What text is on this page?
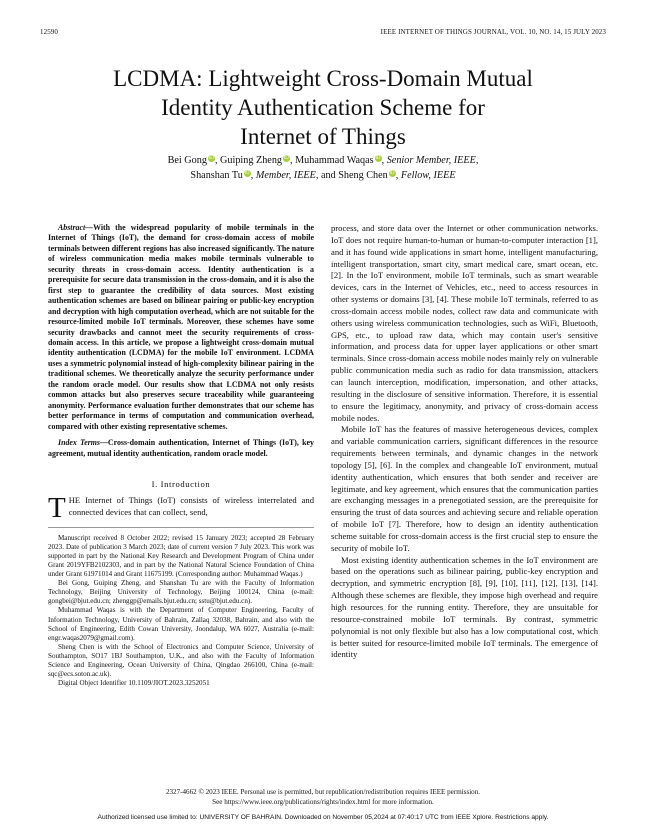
12590	IEEE INTERNET OF THINGS JOURNAL, VOL. 10, NO. 14, 15 JULY 2023
LCDMA: Lightweight Cross-Domain Mutual
Identity Authentication Scheme for
Internet of Things
Bei Gong iD, Guiping Zheng iD, Muhammad Waqas iD, Senior Member, IEEE,
Shanshan Tu iD, Member, IEEE, and Sheng Chen iD, Fellow, IEEE

Abstract—With the widespread popularity of mobile terminals in the Internet of Things (IoT), the demand for cross-domain access of mobile terminals between different regions has also increased significantly. The nature of wireless communication media makes mobile terminals vulnerable to security threats in cross-domain access. Identity authentication is a prerequisite for secure data transmission in the cross-domain, and it is also the first step to guarantee the credibility of data sources. Most existing authentication schemes are based on bilinear pairing or public-key encryption and decryption with high computation overhead, which are not suitable for the resource-limited mobile IoT terminals. Moreover, these schemes have some security drawbacks and cannot meet the security requirements of cross-domain access. In this article, we propose a lightweight cross-domain mutual identity authentication (LCDMA) for the mobile IoT environment. LCDMA uses a symmetric polynomial instead of high-complexity bilinear pairing in the traditional schemes. We theoretically analyze the security performance under the random oracle model. Our results show that LCDMA not only resists common attacks but also preserves secure traceability while guaranteeing anonymity. Performance evaluation further demonstrates that our scheme has better performance in terms of computation and communication overhead, compared with other existing representative schemes.

Index Terms—Cross-domain authentication, Internet of Things (IoT), key agreement, mutual identity authentication, random oracle model.

I. Introduction

THE Internet of Things (IoT) consists of wireless interrelated and connected devices that can collect, send,

Manuscript received 8 October 2022; revised 15 January 2023; accepted 28 February 2023. Date of publication 3 March 2023; date of current version 7 July 2023. This work was supported in part by the National Key Research and Development Program of China under Grant 2019YFB2102303, and in part by the National Natural Science Foundation of China under Grant 61971014 and Grant 11675199. (Corresponding author: Muhammad Waqas.)

Bei Gong, Guiping Zheng, and Shanshan Tu are with the Faculty of Information Technology, Beijing University of Technology, Beijing 100124, China (e-mail: gongbei@bjut.edu.cn; zhenggp@emails.bjut.edu.cn; sstu@bjut.edu.cn).

Muhammad Waqas is with the Department of Computer Engineering, Faculty of Information Technology, University of Bahrain, Zallaq 32038, Bahrain, and also with the School of Engineering, Edith Cowan University, Joondalup, WA 6027, Australia (e-mail: engr.waqas2079@gmail.com).

Sheng Chen is with the School of Electronics and Computer Science, University of Southampton, SO17 1BJ Southampton, U.K., and also with the Faculty of Information Science and Engineering, Ocean University of China, Qingdao 266100, China (e-mail: sqc@ecs.soton.ac.uk).

Digital Object Identifier 10.1109/JIOT.2023.3252051

process, and store data over the Internet or other communication networks. IoT does not require human-to-human or human-to-computer interaction [1], and it has found wide applications in smart home, intelligent manufacturing, intelligent transportation, smart city, smart medical care, smart ocean, etc. [2]. In the IoT environment, mobile IoT terminals, such as smart wearable devices, cars in the Internet of Vehicles, etc., need to access resources in other systems or domains [3], [4]. These mobile IoT terminals, referred to as cross-domain access mobile nodes, collect raw data and communicate with others using wireless communication technologies, such as WiFi, Bluetooth, GPS, etc., to upload raw data, which may contain user's sensitive information, and process data for upper layer applications or other smart terminals. Since cross-domain access mobile nodes mainly rely on vulnerable public communication media such as radio for data transmission, attackers can launch interception, modification, impersonation, and other attacks, resulting in the disclosure of sensitive information. Therefore, it is essential to ensure the legitimacy, anonymity, and privacy of cross-domain access mobile nodes.

Mobile IoT has the features of massive heterogeneous devices, complex and variable communication carriers, significant differences in the resource requirements between terminals, and dynamic changes in the network topology [5], [6]. In the complex and changeable IoT environment, mutual identity authentication, which ensures that both sender and receiver are legitimate, and key agreement, which ensures that the communication parties are exchanging messages in a prenegotiated session, are the prerequisite for ensuring the trust of data sources and achieving secure and reliable operation of mobile IoT [7]. Therefore, how to design an identity authentication scheme suitable for cross-domain access is the first crucial step to ensure the security of mobile IoT.

Most existing identity authentication schemes in the IoT environment are based on the operations such as bilinear pairing, public-key encryption and decryption, and symmetric encryption [8], [9], [10], [11], [12], [13], [14]. Although these schemes are flexible, they impose high overhead and require high resources for the running entity. Therefore, they are unsuitable for resource-constrained mobile IoT terminals. By contrast, symmetric polynomial is not only flexible but also has a low computational cost, which is better suited for resource-limited mobile IoT terminals. The emergence of identity

2327-4662 © 2023 IEEE. Personal use is permitted, but republication/redistribution requires IEEE permission.
See https://www.ieee.org/publications/rights/index.html for more information.
Authorized licensed use limited to: UNIVERSITY OF BAHRAIN. Downloaded on November 05,2024 at 07:40:17 UTC from IEEE Xplore. Restrictions apply.
